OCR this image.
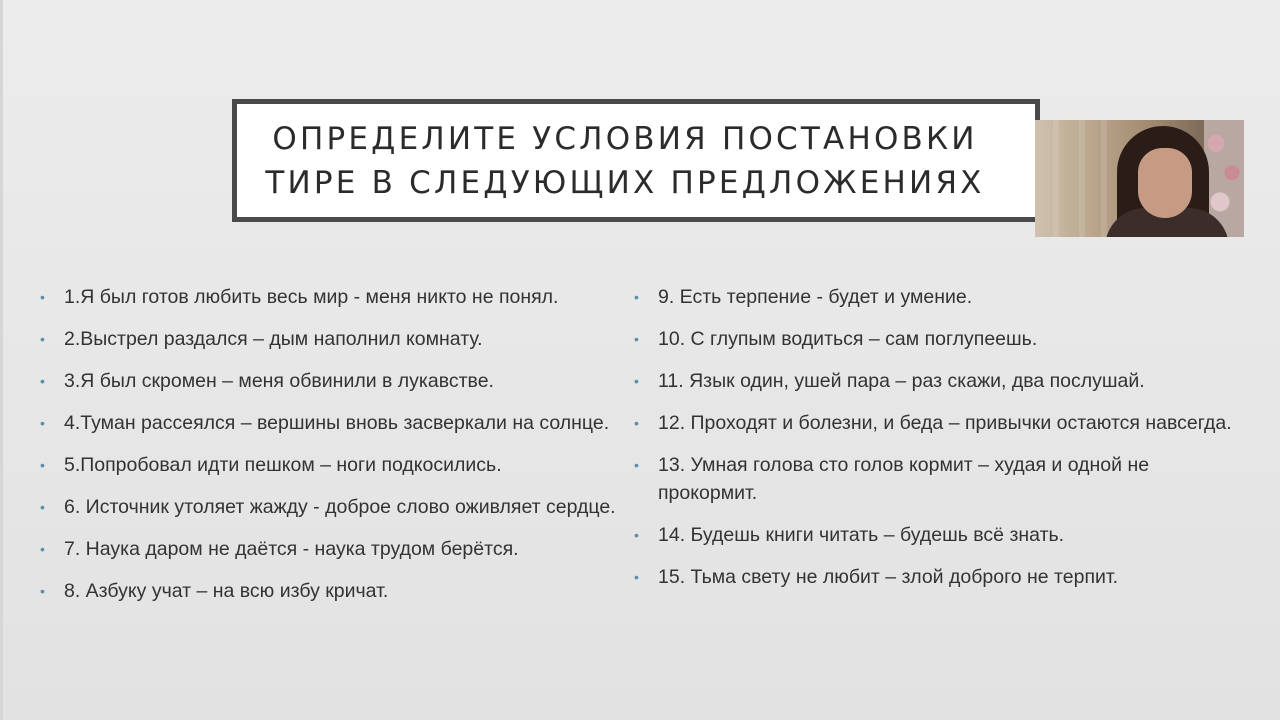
ОПРЕДЕЛИТЕ УСЛОВИЯ ПОСТАНОВКИ
ТИРЕ В СЛЕДУЮЩИХ ПРЕДЛОЖЕНИЯХ
• 1.Я был готов любить весь мир - меня никто не понял.
• 2.Выстрел раздался – дым наполнил комнату.
• 3.Я был скромен – меня обвинили в лукавстве.
• 4.Туман рассеялся – вершины вновь засверкали на солнце.
• 5.Попробовал идти пешком – ноги подкосились.
• 6. Источник утоляет жажду - доброе слово оживляет сердце.
• 7. Наука даром не даётся - наука трудом берётся.
• 8. Азбуку учат – на всю избу кричат.
• 9. Есть терпение - будет и умение.
• 10. С глупым водиться – сам поглупеешь.
• 11. Язык один, ушей пара – раз скажи, два послушай.
• 12. Проходят и болезни, и беда – привычки остаются навсегда.
• 13. Умная голова сто голов кормит – худая и одной не прокормит.
• 14. Будешь книги читать – будешь всё знать.
• 15. Тьма свету не любит – злой доброго не терпит.
